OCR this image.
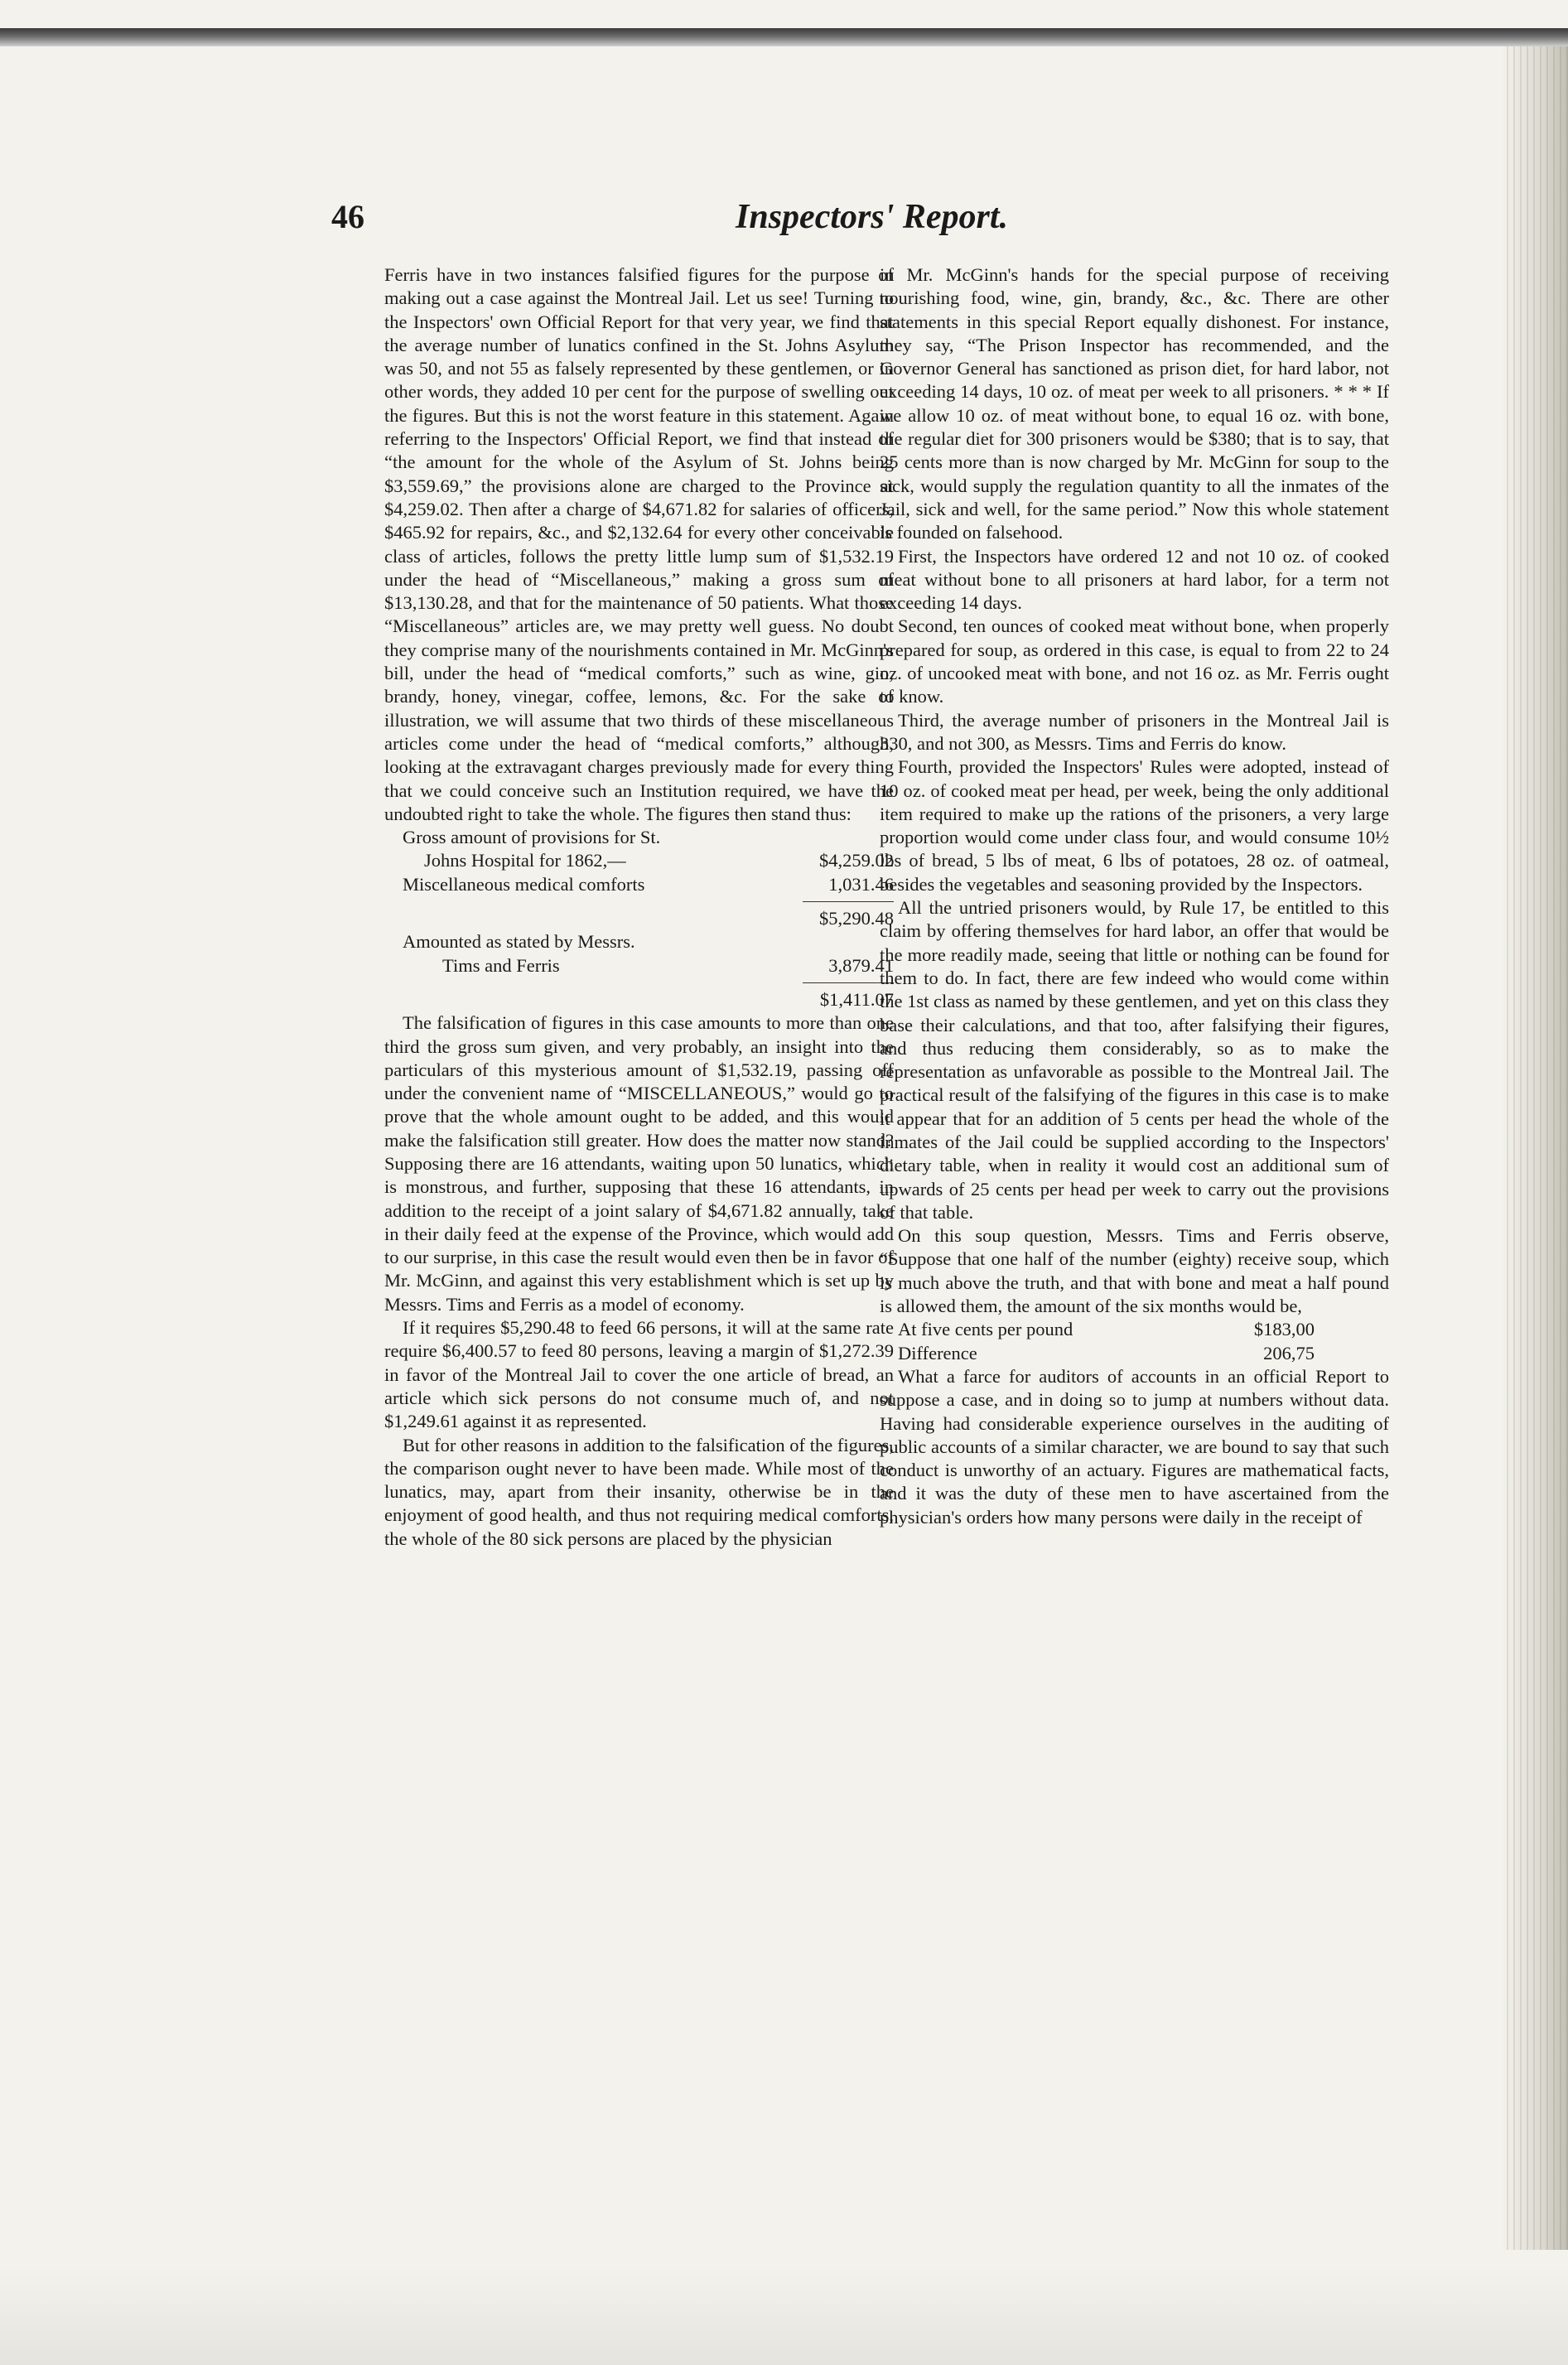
46	Inspectors' Report.

Ferris have in two instances falsified figures for the purpose of making out a case against the Montreal Jail. Let us see! Turning to the Inspectors' own Official Report for that very year, we find that the average number of lunatics confined in the St. Johns Asylum was 50, and not 55 as falsely represented by these gentlemen, or in other words, they added 10 per cent for the purpose of swelling out the figures. But this is not the worst feature in this statement. Again referring to the Inspectors' Official Report, we find that instead of “the amount for the whole of the Asylum of St. Johns being $3,559.69,” the provisions alone are charged to the Province at $4,259.02. Then after a charge of $4,671.82 for salaries of officers, $465.92 for repairs, &c., and $2,132.64 for every other conceivable class of articles, follows the pretty little lump sum of $1,532.19 under the head of “Miscellaneous,” making a gross sum of $13,130.28, and that for the maintenance of 50 patients. What those “Miscellaneous” articles are, we may pretty well guess. No doubt they comprise many of the nourishments contained in Mr. McGinn's bill, under the head of “medical comforts,” such as wine, gin, brandy, honey, vinegar, coffee, lemons, &c. For the sake of illustration, we will assume that two thirds of these miscellaneous articles come under the head of “medical comforts,” although, looking at the extravagant charges previously made for every thing that we could conceive such an Institution required, we have the undoubted right to take the whole. The figures then stand thus:

Gross amount of provisions for St.

Johns Hospital for 1862,—	$4,259.02
Miscellaneous medical comforts	1,031.46
$5,290.48

Amounted as stated by Messrs.

Tims and Ferris	3,879.41
$1,411.07

The falsification of figures in this case amounts to more than one third the gross sum given, and very probably, an insight into the particulars of this mysterious amount of $1,532.19, passing off under the convenient name of “MISCELLANEOUS,” would go to prove that the whole amount ought to be added, and this would make the falsification still greater. How does the matter now stand? Supposing there are 16 attendants, waiting upon 50 lunatics, which is monstrous, and further, supposing that these 16 attendants, in addition to the receipt of a joint salary of $4,671.82 annually, take in their daily feed at the expense of the Province, which would add to our surprise, in this case the result would even then be in favor of Mr. McGinn, and against this very establishment which is set up by Messrs. Tims and Ferris as a model of economy.

If it requires $5,290.48 to feed 66 persons, it will at the same rate require $6,400.57 to feed 80 persons, leaving a margin of $1,272.39 in favor of the Montreal Jail to cover the one article of bread, an article which sick persons do not consume much of, and not $1,249.61 against it as represented.

But for other reasons in addition to the falsification of the figures, the comparison ought never to have been made. While most of the lunatics, may, apart from their insanity, otherwise be in the enjoyment of good health, and thus not requiring medical comforts, the whole of the 80 sick persons are placed by the physician

in Mr. McGinn's hands for the special purpose of receiving nourishing food, wine, gin, brandy, &c., &c. There are other statements in this special Report equally dishonest. For instance, they say, “The Prison Inspector has recommended, and the Governor General has sanctioned as prison diet, for hard labor, not exceeding 14 days, 10 oz. of meat per week to all prisoners. * * * If we allow 10 oz. of meat without bone, to equal 16 oz. with bone, the regular diet for 300 prisoners would be $380; that is to say, that 25 cents more than is now charged by Mr. McGinn for soup to the sick, would supply the regulation quantity to all the inmates of the Jail, sick and well, for the same period.” Now this whole statement is founded on falsehood.

First, the Inspectors have ordered 12 and not 10 oz. of cooked meat without bone to all prisoners at hard labor, for a term not exceeding 14 days.

Second, ten ounces of cooked meat without bone, when properly prepared for soup, as ordered in this case, is equal to from 22 to 24 oz. of uncooked meat with bone, and not 16 oz. as Mr. Ferris ought to know.

Third, the average number of prisoners in the Montreal Jail is 330, and not 300, as Messrs. Tims and Ferris do know.

Fourth, provided the Inspectors' Rules were adopted, instead of 10 oz. of cooked meat per head, per week, being the only additional item required to make up the rations of the prisoners, a very large proportion would come under class four, and would consume 10½ lbs of bread, 5 lbs of meat, 6 lbs of potatoes, 28 oz. of oatmeal, besides the vegetables and seasoning provided by the Inspectors.

All the untried prisoners would, by Rule 17, be entitled to this claim by offering themselves for hard labor, an offer that would be the more readily made, seeing that little or nothing can be found for them to do. In fact, there are few indeed who would come within the 1st class as named by these gentlemen, and yet on this class they base their calculations, and that too, after falsifying their figures, and thus reducing them considerably, so as to make the representation as unfavorable as possible to the Montreal Jail. The practical result of the falsifying of the figures in this case is to make it appear that for an addition of 5 cents per head the whole of the inmates of the Jail could be supplied according to the Inspectors' dietary table, when in reality it would cost an additional sum of upwards of 25 cents per head per week to carry out the provisions of that table.

On this soup question, Messrs. Tims and Ferris observe, “Suppose that one half of the number (eighty) receive soup, which is much above the truth, and that with bone and meat a half pound is allowed them, the amount of the six months would be,

At five cents per pound	$183,00
Difference	206,75

What a farce for auditors of accounts in an official Report to suppose a case, and in doing so to jump at numbers without data. Having had considerable experience ourselves in the auditing of public accounts of a similar character, we are bound to say that such conduct is unworthy of an actuary. Figures are mathematical facts, and it was the duty of these men to have ascertained from the physician's orders how many persons were daily in the receipt of
